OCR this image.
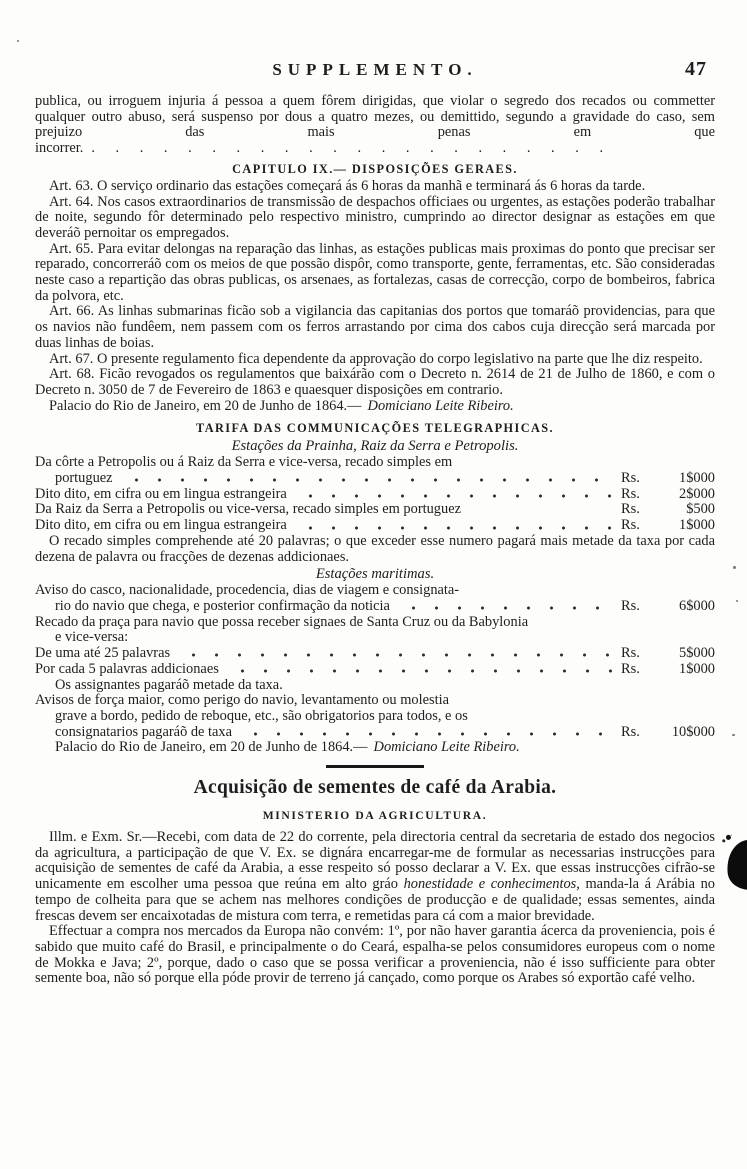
SUPPLEMENTO.	47

publica, ou irroguem injuria á pessoa a quem fôrem dirigidas, que violar o segredo dos recados ou commetter qualquer outro abuso, será suspenso por dous a quatro mezes, ou demittido, segundo a gravidade do caso, sem prejuizo das mais penas em que incorrer. . . . . . . . . . . . . . . . . . . . . . .

CAPITULO IX.— DISPOSIÇÕES GERAES.

Art. 63. O serviço ordinario das estações começará ás 6 horas da manhã e terminará ás 6 horas da tarde.

Art. 64. Nos casos extraordinarios de transmissão de despachos officiaes ou urgentes, as estações poderão trabalhar de noite, segundo fôr determinado pelo respectivo ministro, cumprindo ao director designar as estações em que deveráõ pernoitar os empregados.

Art. 65. Para evitar delongas na reparação das linhas, as estações publicas mais proximas do ponto que precisar ser reparado, concorreráõ com os meios de que possão dispôr, como transporte, gente, ferramentas, etc. São consideradas neste caso a repartição das obras publicas, os arsenaes, as fortalezas, casas de correcção, corpo de bombeiros, fabrica da polvora, etc.

Art. 66. As linhas submarinas ficão sob a vigilancia das capitanias dos portos que tomaráõ providencias, para que os navios não fundêem, nem passem com os ferros arrastando por cima dos cabos cuja direcção será marcada por duas linhas de boias.

Art. 67. O presente regulamento fica dependente da approvação do corpo legislativo na parte que lhe diz respeito.

Art. 68. Ficão revogados os regulamentos que baixárão com o Decreto n. 2614 de 21 de Julho de 1860, e com o Decreto n. 3050 de 7 de Fevereiro de 1863 e quaesquer disposições em contrario.

Palacio do Rio de Janeiro, em 20 de Junho de 1864.— Domiciano Leite Ribeiro.

TARIFA DAS COMMUNICAÇÕES TELEGRAPHICAS.
Estações da Prainha, Raiz da Serra e Petropolis.
Da côrte a Petropolis ou á Raiz da Serra e vice-versa, recado simples em
portuguez	Rs.	1$000
Dito dito, em cifra ou em lingua estrangeira	Rs.	2$000
Da Raiz da Serra a Petropolis ou vice-versa, recado simples em portuguez	Rs.	$500
Dito dito, em cifra ou em lingua estrangeira	Rs.	1$000

O recado simples comprehende até 20 palavras; o que exceder esse numero pagará mais metade da taxa por cada dezena de palavra ou fracções de dezenas addicionaes.

Estações maritimas.
Aviso do casco, nacionalidade, procedencia, dias de viagem e consignata-
rio do navio que chega, e posterior confirmação da noticia	Rs.	6$000
Recado da praça para navio que possa receber signaes de Santa Cruz ou da Babylonia
e vice-versa:
De uma até 25 palavras	Rs.	5$000
Por cada 5 palavras addicionaes	Rs.	1$000
Os assignantes pagaráõ metade da taxa.
Avisos de força maior, como perigo do navio, levantamento ou molestia
grave a bordo, pedido de reboque, etc., são obrigatorios para todos, e os
consignatarios pagaráõ de taxa	Rs.	10$000

Palacio do Rio de Janeiro, em 20 de Junho de 1864.— Domiciano Leite Ribeiro.

Acquisição de sementes de café da Arabia.
MINISTERIO DA AGRICULTURA.

Illm. e Exm. Sr.—Recebi, com data de 22 do corrente, pela directoria central da secretaria de estado dos negocios da agricultura, a participação de que V. Ex. se dignára encarregar-me de formular as necessarias instrucções para acquisição de sementes de café da Arabia, a esse respeito só posso declarar a V. Ex. que essas instrucções cifrão-se unicamente em escolher uma pessoa que reúna em alto gráo honestidade e conhecimentos, manda-la á Arábia no tempo de colheita para que se achem nas melhores condições de producção e de qualidade; essas sementes, ainda frescas devem ser encaixotadas de mistura com terra, e remetidas para cá com a maior brevidade.

Effectuar a compra nos mercados da Europa não convém: 1º, por não haver garantia ácerca da proveniencia, pois é sabido que muito café do Brasil, e principalmente o do Ceará, espalha-se pelos consumidores europeus com o nome de Mokka e Java; 2º, porque, dado o caso que se possa verificar a proveniencia, não é isso sufficiente para obter semente boa, não só porque ella póde provir de terreno já cançado, como porque os Arabes só exportão café velho.
